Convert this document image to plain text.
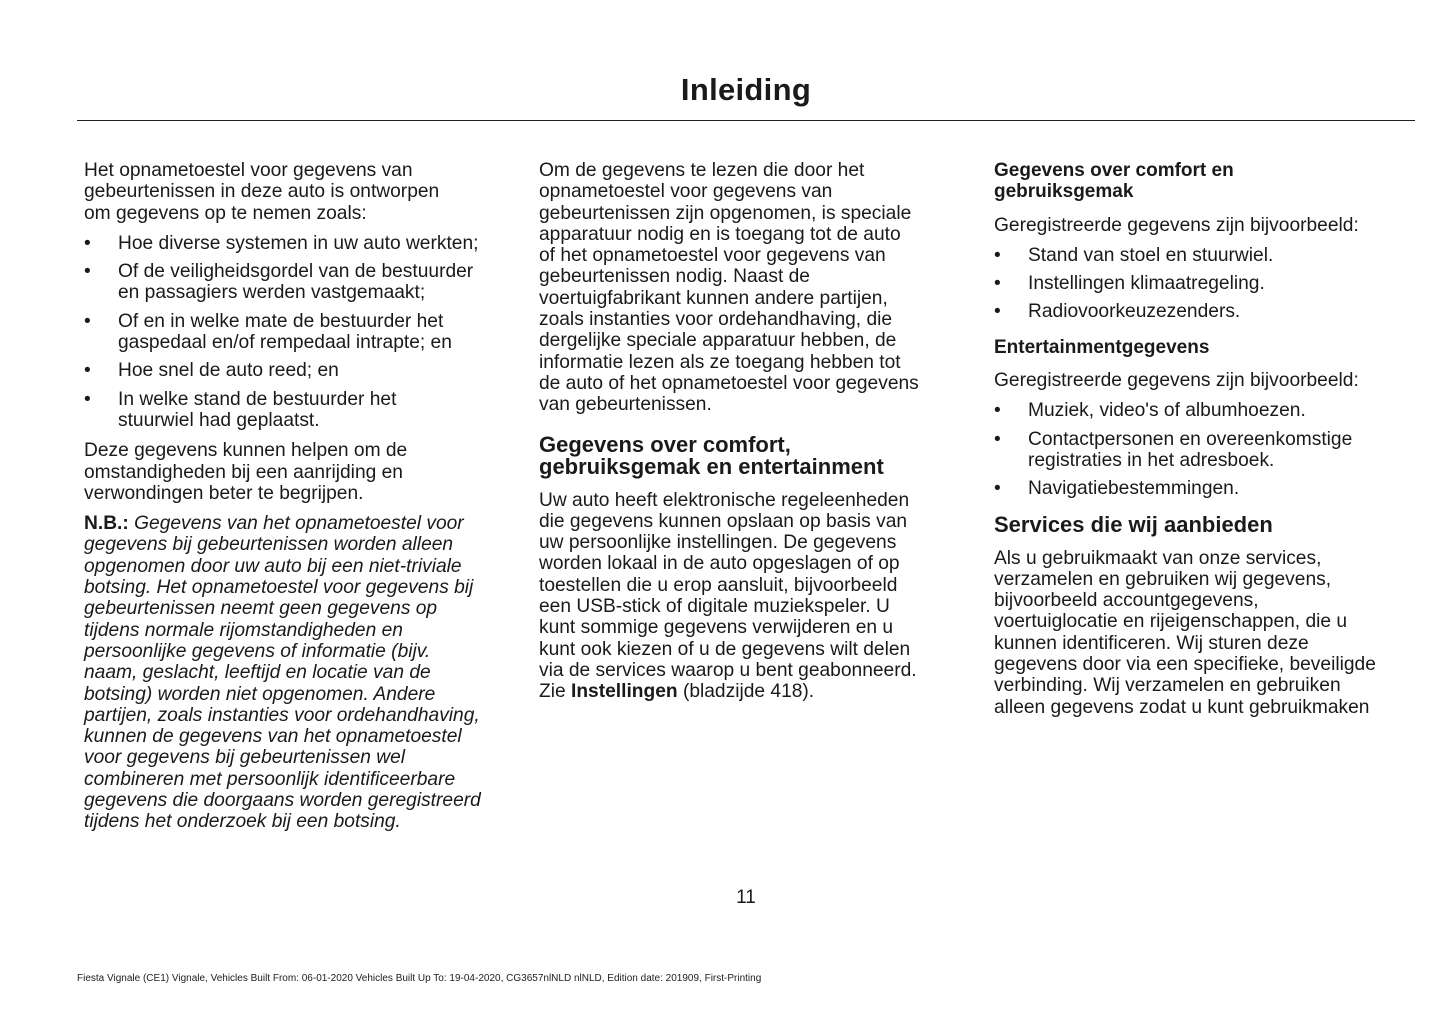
Inleiding

Het opnametoestel voor gegevens van
gebeurtenissen in deze auto is ontworpen
om gegevens op te nemen zoals:

• Hoe diverse systemen in uw auto werkten;
• Of de veiligheidsgordel van de bestuurder
en passagiers werden vastgemaakt;
• Of en in welke mate de bestuurder het
gaspedaal en/of rempedaal intrapte; en
• Hoe snel de auto reed; en
• In welke stand de bestuurder het
stuurwiel had geplaatst.

Deze gegevens kunnen helpen om de
omstandigheden bij een aanrijding en
verwondingen beter te begrijpen.

N.B.: Gegevens van het opnametoestel voor
gegevens bij gebeurtenissen worden alleen
opgenomen door uw auto bij een niet-triviale
botsing. Het opnametoestel voor gegevens bij
gebeurtenissen neemt geen gegevens op
tijdens normale rijomstandigheden en
persoonlijke gegevens of informatie (bijv.
naam, geslacht, leeftijd en locatie van de
botsing) worden niet opgenomen. Andere
partijen, zoals instanties voor ordehandhaving,
kunnen de gegevens van het opnametoestel
voor gegevens bij gebeurtenissen wel
combineren met persoonlijk identificeerbare
gegevens die doorgaans worden geregistreerd
tijdens het onderzoek bij een botsing.

Om de gegevens te lezen die door het
opnametoestel voor gegevens van
gebeurtenissen zijn opgenomen, is speciale
apparatuur nodig en is toegang tot de auto
of het opnametoestel voor gegevens van
gebeurtenissen nodig. Naast de
voertuigfabrikant kunnen andere partijen,
zoals instanties voor ordehandhaving, die
dergelijke speciale apparatuur hebben, de
informatie lezen als ze toegang hebben tot
de auto of het opnametoestel voor gegevens
van gebeurtenissen.

Gegevens over comfort,
gebruiksgemak en entertainment

Uw auto heeft elektronische regeleenheden
die gegevens kunnen opslaan op basis van
uw persoonlijke instellingen. De gegevens
worden lokaal in de auto opgeslagen of op
toestellen die u erop aansluit, bijvoorbeeld
een USB-stick of digitale muziekspeler. U
kunt sommige gegevens verwijderen en u
kunt ook kiezen of u de gegevens wilt delen
via de services waarop u bent geabonneerd.
Zie Instellingen (bladzijde 418).

Gegevens over comfort en
gebruiksgemak

Geregistreerde gegevens zijn bijvoorbeeld:

• Stand van stoel en stuurwiel.
• Instellingen klimaatregeling.
• Radiovoorkeuzezenders.
Entertainmentgegevens

Geregistreerde gegevens zijn bijvoorbeeld:

• Muziek, video's of albumhoezen.
• Contactpersonen en overeenkomstige
registraties in het adresboek.
• Navigatiebestemmingen.
Services die wij aanbieden

Als u gebruikmaakt van onze services,
verzamelen en gebruiken wij gegevens,
bijvoorbeeld accountgegevens,
voertuiglocatie en rijeigenschappen, die u
kunnen identificeren. Wij sturen deze
gegevens door via een specifieke, beveiligde
verbinding. Wij verzamelen en gebruiken
alleen gegevens zodat u kunt gebruikmaken

11
Fiesta Vignale (CE1) Vignale, Vehicles Built From: 06-01-2020 Vehicles Built Up To: 19-04-2020, CG3657nlNLD nlNLD, Edition date: 201909, First-Printing
